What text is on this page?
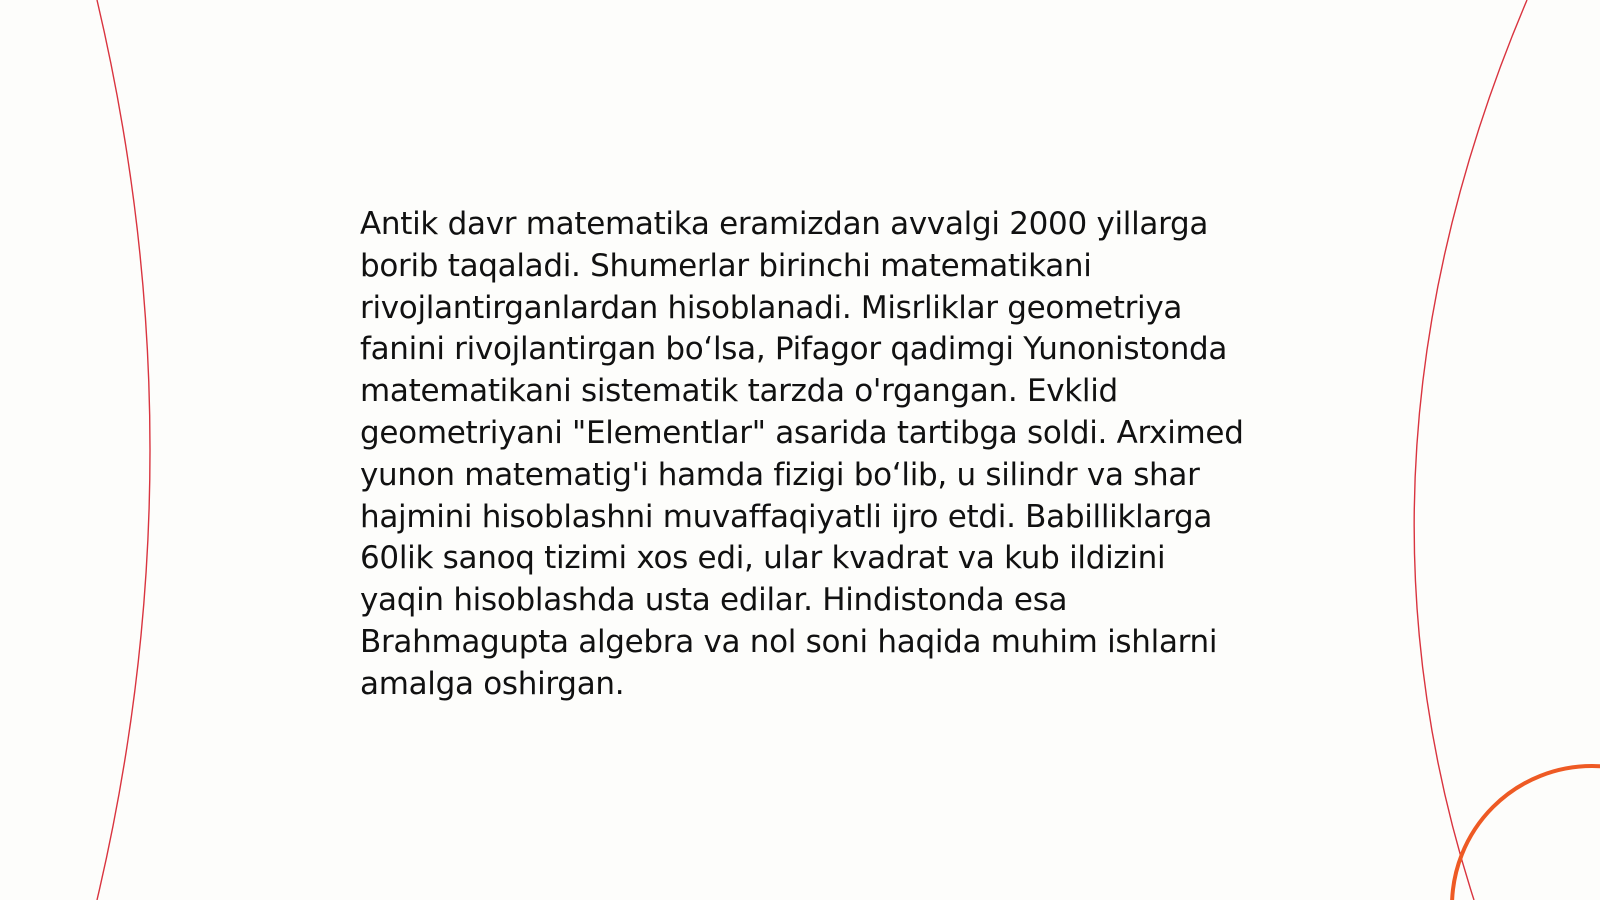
Antik davr matematika eramizdan avvalgi 2000 yillarga borib taqaladi. Shumerlar birinchi matematikani rivojlantirganlardan hisoblanadi. Misrliklar geometriya fanini rivojlantirgan bo‘lsa, Pifagor qadimgi Yunonistonda matematikani sistematik tarzda o'rgangan. Evklid geometriyani "Elementlar" asarida tartibga soldi. Arximed yunon matematig'i hamda fizigi bo‘lib, u silindr va shar hajmini hisoblashni muvaffaqiyatli ijro etdi. Babilliklarga 60lik sanoq tizimi xos edi, ular kvadrat va kub ildizini yaqin hisoblashda usta edilar. Hindistonda esa Brahmagupta algebra va nol soni haqida muhim ishlarni amalga oshirgan.
